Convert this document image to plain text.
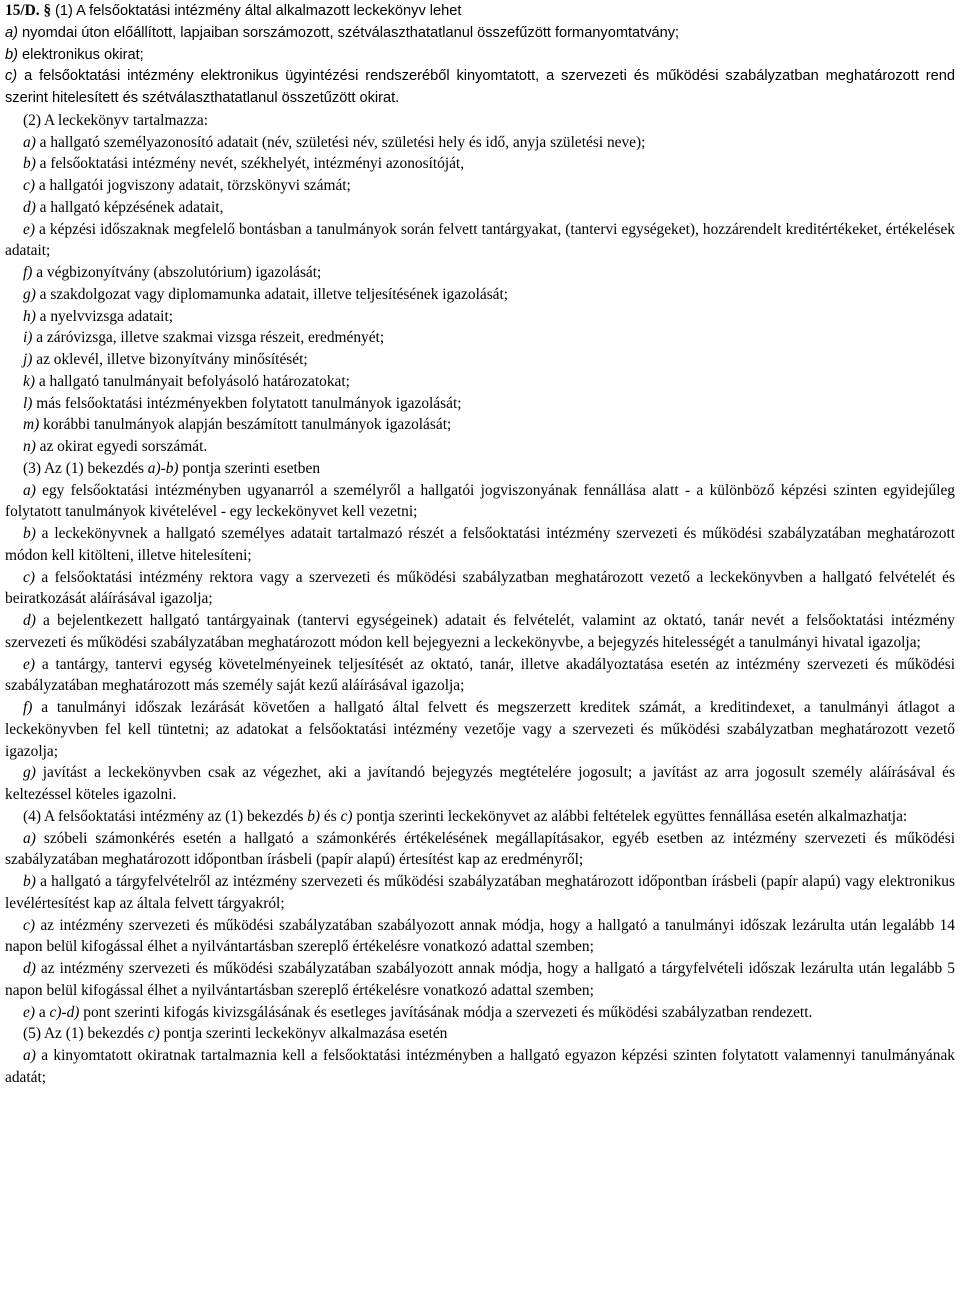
15/D. § (1) A felsőoktatási intézmény által alkalmazott leckekönyv lehet

a) nyomdai úton előállított, lapjaiban sorszámozott, szétválaszthatatlanul összefűzött formanyomtatvány;

b) elektronikus okirat;

c) a felsőoktatási intézmény elektronikus ügyintézési rendszeréből kinyomtatott, a szervezeti és működési szabályzatban meghatározott rend szerint hitelesített és szétválaszthatatlanul összetűzött okirat.

(2) A leckekönyv tartalmazza:

a) a hallgató személyazonosító adatait (név, születési név, születési hely és idő, anyja születési neve);

b) a felsőoktatási intézmény nevét, székhelyét, intézményi azonosítóját,

c) a hallgatói jogviszony adatait, törzskönyvi számát;

d) a hallgató képzésének adatait,

e) a képzési időszaknak megfelelő bontásban a tanulmányok során felvett tantárgyakat, (tantervi egységeket), hozzárendelt kreditértékeket, értékelések adatait;

f) a végbizonyítvány (abszolutórium) igazolását;

g) a szakdolgozat vagy diplomamunka adatait, illetve teljesítésének igazolását;

h) a nyelvvizsga adatait;

i) a záróvizsga, illetve szakmai vizsga részeit, eredményét;

j) az oklevél, illetve bizonyítvány minősítését;

k) a hallgató tanulmányait befolyásoló határozatokat;

l) más felsőoktatási intézményekben folytatott tanulmányok igazolását;

m) korábbi tanulmányok alapján beszámított tanulmányok igazolását;

n) az okirat egyedi sorszámát.

(3) Az (1) bekezdés a)-b) pontja szerinti esetben

a) egy felsőoktatási intézményben ugyanarról a személyről a hallgatói jogviszonyának fennállása alatt - a különböző képzési szinten egyidejűleg folytatott tanulmányok kivételével - egy leckekönyvet kell vezetni;

b) a leckekönyvnek a hallgató személyes adatait tartalmazó részét a felsőoktatási intézmény szervezeti és működési szabályzatában meghatározott módon kell kitölteni, illetve hitelesíteni;

c) a felsőoktatási intézmény rektora vagy a szervezeti és működési szabályzatban meghatározott vezető a leckekönyvben a hallgató felvételét és beiratkozását aláírásával igazolja;

d) a bejelentkezett hallgató tantárgyainak (tantervi egységeinek) adatait és felvételét, valamint az oktató, tanár nevét a felsőoktatási intézmény szervezeti és működési szabályzatában meghatározott módon kell bejegyezni a leckekönyvbe, a bejegyzés hitelességét a tanulmányi hivatal igazolja;

e) a tantárgy, tantervi egység követelményeinek teljesítését az oktató, tanár, illetve akadályoztatása esetén az intézmény szervezeti és működési szabályzatában meghatározott más személy saját kezű aláírásával igazolja;

f) a tanulmányi időszak lezárását követően a hallgató által felvett és megszerzett kreditek számát, a kreditindexet, a tanulmányi átlagot a leckekönyvben fel kell tüntetni; az adatokat a felsőoktatási intézmény vezetője vagy a szervezeti és működési szabályzatban meghatározott vezető igazolja;

g) javítást a leckekönyvben csak az végezhet, aki a javítandó bejegyzés megtételére jogosult; a javítást az arra jogosult személy aláírásával és keltezéssel köteles igazolni.

(4) A felsőoktatási intézmény az (1) bekezdés b) és c) pontja szerinti leckekönyvet az alábbi feltételek együttes fennállása esetén alkalmazhatja:

a) szóbeli számonkérés esetén a hallgató a számonkérés értékelésének megállapításakor, egyéb esetben az intézmény szervezeti és működési szabályzatában meghatározott időpontban írásbeli (papír alapú) értesítést kap az eredményről;

b) a hallgató a tárgyfelvételről az intézmény szervezeti és működési szabályzatában meghatározott időpontban írásbeli (papír alapú) vagy elektronikus levélértesítést kap az általa felvett tárgyakról;

c) az intézmény szervezeti és működési szabályzatában szabályozott annak módja, hogy a hallgató a tanulmányi időszak lezárulta után legalább 14 napon belül kifogással élhet a nyilvántartásban szereplő értékelésre vonatkozó adattal szemben;

d) az intézmény szervezeti és működési szabályzatában szabályozott annak módja, hogy a hallgató a tárgyfelvételi időszak lezárulta után legalább 5 napon belül kifogással élhet a nyilvántartásban szereplő értékelésre vonatkozó adattal szemben;

e) a c)-d) pont szerinti kifogás kivizsgálásának és esetleges javításának módja a szervezeti és működési szabályzatban rendezett.

(5) Az (1) bekezdés c) pontja szerinti leckekönyv alkalmazása esetén

a) a kinyomtatott okiratnak tartalmaznia kell a felsőoktatási intézményben a hallgató egyazon képzési szinten folytatott valamennyi tanulmányának adatát;
